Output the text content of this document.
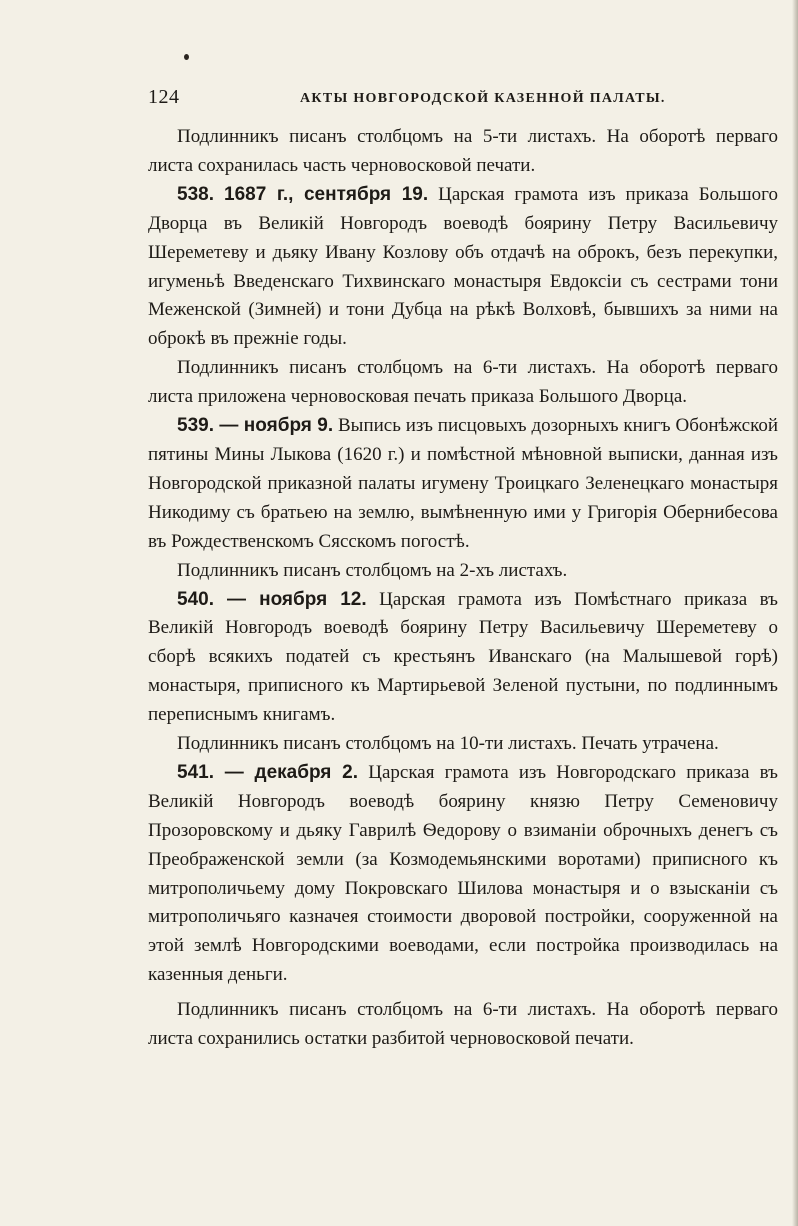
124	АКТЫ НОВГОРОДСКОЙ КАЗЕННОЙ ПАЛАТЫ.

Подлинникъ писанъ столбцомъ на 5-ти листахъ. На оборотѣ перваго листа сохранилась часть черновосковой печати.

538. 1687 г., сентября 19. Царская грамота изъ приказа Большого Дворца въ Великій Новгородъ воеводѣ боярину Петру Васильевичу Шереметеву и дьяку Ивану Козлову объ отдачѣ на оброкъ, безъ перекупки, игуменьѣ Введенскаго Тихвинскаго монастыря Евдоксіи съ сестрами тони Меженской (Зимней) и тони Дубца на рѣкѣ Волховѣ, бывшихъ за ними на оброкѣ въ прежніе годы.

Подлинникъ писанъ столбцомъ на 6-ти листахъ. На оборотѣ перваго листа приложена черновосковая печать приказа Большого Дворца.

539. — ноября 9. Выпись изъ писцовыхъ дозорныхъ книгъ Обонѣжской пятины Мины Лыкова (1620 г.) и помѣстной мѣновной выписки, данная изъ Новгородской приказной палаты игумену Троицкаго Зеленецкаго монастыря Никодиму съ братьею на землю, вымѣненную ими у Григорія Обернибесова въ Рождественскомъ Сясскомъ погостѣ.

Подлинникъ писанъ столбцомъ на 2-хъ листахъ.

540. — ноября 12. Царская грамота изъ Помѣстнаго приказа въ Великій Новгородъ воеводѣ боярину Петру Васильевичу Шереметеву о сборѣ всякихъ податей съ крестьянъ Иванскаго (на Малышевой горѣ) монастыря, приписного къ Мартирьевой Зеленой пустыни, по подлиннымъ переписнымъ книгамъ.

Подлинникъ писанъ столбцомъ на 10-ти листахъ. Печать утрачена.

541. — декабря 2. Царская грамота изъ Новгородскаго приказа въ Великій Новгородъ воеводѣ боярину князю Петру Семеновичу Прозоровскому и дьяку Гаврилѣ Ѳедорову о взиманіи оброчныхъ денегъ съ Преображенской земли (за Козмодемьянскими воротами) приписного къ митрополичьему дому Покровскаго Шилова монастыря и о взысканіи съ митрополичьяго казначея стоимости дворовой постройки, сооруженной на этой землѣ Новгородскими воеводами, если постройка производилась на казенныя деньги.

Подлинникъ писанъ столбцомъ на 6-ти листахъ. На оборотѣ перваго листа сохранились остатки разбитой черновосковой печати.
